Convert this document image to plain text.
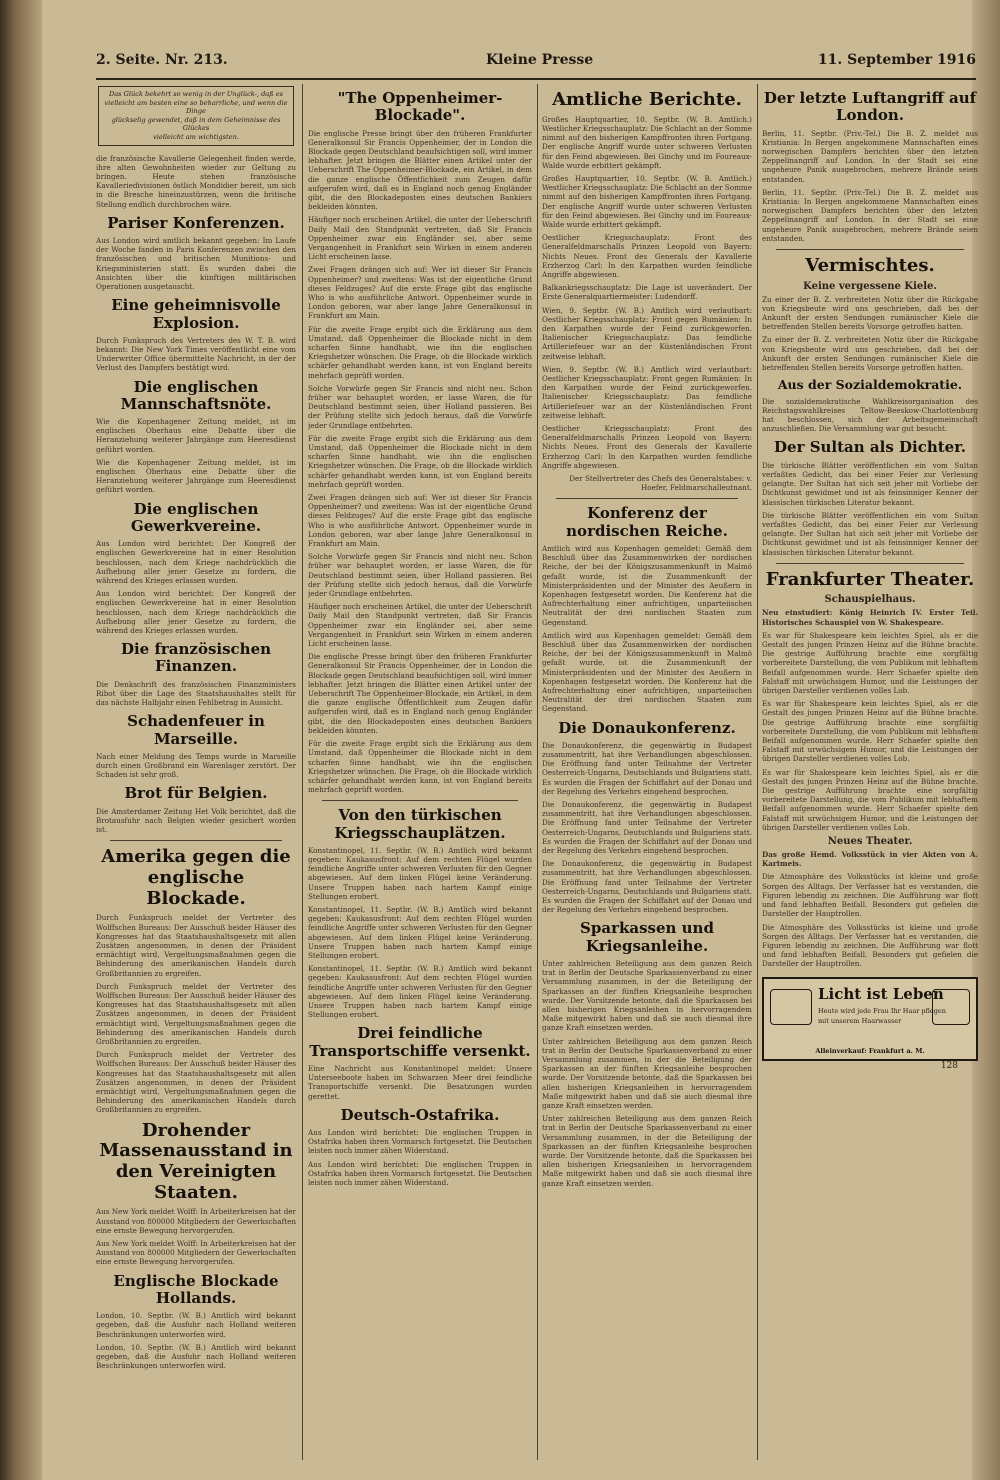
2. Seite. Nr. 213.	Kleine Presse	11. September 1916

Das Glück bekehrt so wenig in der Unglück-, daß es

vielleicht am besten eine so beharrliche, und wenn die Dinge

glückselig gewendet, daß in dem Geheimnisse des Glückes

vielleicht am wichtigsten.

die französische Kavallerie Gelegenheit finden werde, ihre alten Gewohnheiten wieder zur Geltung zu bringen. Heute stehen französische Kavalleriedivisionen östlich Mondidier bereit, um sich in die Bresche hineinzustürzen, wenn die britische Stellung endlich durchbrochen wäre.

Pariser Konferenzen.

Aus London wird amtlich bekannt gegeben: Im Laufe der Woche fanden in Paris Konferenzen zwischen den französischen und britischen Munitions- und Kriegsministerien statt. Es wurden dabei die Ansichten über die künftigen militärischen Operationen ausgetauscht.

Eine geheimnisvolle Explosion.

Durch Funkspruch des Vertreters des W. T. B. wird bekannt: Die New York Times veröffentlicht eine vom Underwriter Office übermittelte Nachricht, in der der Verlust des Dampfers bestätigt wird.

Die englischen Mannschaftsnöte.

Wie die Kopenhagener Zeitung meldet, ist im englischen Oberhaus eine Debatte über die Heranziehung weiterer Jahrgänge zum Heeresdienst geführt worden.

Wie die Kopenhagener Zeitung meldet, ist im englischen Oberhaus eine Debatte über die Heranziehung weiterer Jahrgänge zum Heeresdienst geführt worden.

Die englischen Gewerkvereine.

Aus London wird berichtet: Der Kongreß der englischen Gewerkvereine hat in einer Resolution beschlossen, nach dem Kriege nachdrücklich die Aufhebung aller jener Gesetze zu fordern, die während des Krieges erlassen wurden.

Aus London wird berichtet: Der Kongreß der englischen Gewerkvereine hat in einer Resolution beschlossen, nach dem Kriege nachdrücklich die Aufhebung aller jener Gesetze zu fordern, die während des Krieges erlassen wurden.

Die französischen Finanzen.

Die Denkschrift des französischen Finanzministers Ribot über die Lage des Staatshaushaltes stellt für das nächste Halbjahr einen Fehlbetrag in Aussicht.

Schadenfeuer in Marseille.

Nach einer Meldung des Temps wurde in Marseille durch einen Großbrand ein Warenlager zerstört. Der Schaden ist sehr groß.

Brot für Belgien.

Die Amsterdamer Zeitung Het Volk berichtet, daß die Brotausfuhr nach Belgien wieder gesichert worden ist.

Amerika gegen die englische Blockade.

Durch Funkspruch meldet der Vertreter des Wolffschen Bureaus: Der Ausschuß beider Häuser des Kongresses hat das Staatshaushaltsgesetz mit allen Zusätzen angenommen, in denen der Präsident ermächtigt wird, Vergeltungsmaßnahmen gegen die Behinderung des amerikanischen Handels durch Großbritannien zu ergreifen.

Durch Funkspruch meldet der Vertreter des Wolffschen Bureaus: Der Ausschuß beider Häuser des Kongresses hat das Staatshaushaltsgesetz mit allen Zusätzen angenommen, in denen der Präsident ermächtigt wird, Vergeltungsmaßnahmen gegen die Behinderung des amerikanischen Handels durch Großbritannien zu ergreifen.

Durch Funkspruch meldet der Vertreter des Wolffschen Bureaus: Der Ausschuß beider Häuser des Kongresses hat das Staatshaushaltsgesetz mit allen Zusätzen angenommen, in denen der Präsident ermächtigt wird, Vergeltungsmaßnahmen gegen die Behinderung des amerikanischen Handels durch Großbritannien zu ergreifen.

Drohender Massenausstand in den Vereinigten Staaten.

Aus New York meldet Wolff: In Arbeiterkreisen hat der Ausstand von 800000 Mitgliedern der Gewerkschaften eine ernste Bewegung hervorgerufen.

Aus New York meldet Wolff: In Arbeiterkreisen hat der Ausstand von 800000 Mitgliedern der Gewerkschaften eine ernste Bewegung hervorgerufen.

Englische Blockade Hollands.

London, 10. Septbr. (W. B.) Amtlich wird bekannt gegeben, daß die Ausfuhr nach Holland weiteren Beschränkungen unterworfen wird.

London, 10. Septbr. (W. B.) Amtlich wird bekannt gegeben, daß die Ausfuhr nach Holland weiteren Beschränkungen unterworfen wird.

"The Oppenheimer-Blockade".

Die englische Presse bringt über den früheren Frankfurter Generalkonsul Sir Francis Oppenheimer, der in London die Blockade gegen Deutschland beaufsichtigen soll, wird immer lebhafter. Jetzt bringen die Blätter einen Artikel unter der Ueberschrift The Oppenheimer-Blockade, ein Artikel, in dem die ganze englische Öffentlichkeit zum Zeugen dafür aufgerufen wird, daß es in England noch genug Engländer gibt, die den Blockadeposten eines deutschen Bankiers bekleiden könnten.

Häufiger noch erscheinen Artikel, die unter der Ueberschrift Daily Mail den Standpunkt vertreten, daß Sir Francis Oppenheimer zwar ein Engländer sei, aber seine Vergangenheit in Frankfurt sein Wirken in einem anderen Licht erscheinen lasse.

Zwei Fragen drängen sich auf: Wer ist dieser Sir Francis Oppenheimer? und zweitens: Was ist der eigentliche Grund dieses Feldzuges? Auf die erste Frage gibt das englische Who is who ausführliche Antwort. Oppenheimer wurde in London geboren, war aber lange Jahre Generalkonsul in Frankfurt am Main.

Für die zweite Frage ergibt sich die Erklärung aus dem Umstand, daß Oppenheimer die Blockade nicht in dem scharfen Sinne handhabt, wie ihn die englischen Kriegshetzer wünschen. Die Frage, ob die Blockade wirklich schärfer gehandhabt werden kann, ist von England bereits mehrfach geprüft worden.

Solche Vorwürfe gegen Sir Francis sind nicht neu. Schon früher war behauptet worden, er lasse Waren, die für Deutschland bestimmt seien, über Holland passieren. Bei der Prüfung stellte sich jedoch heraus, daß die Vorwürfe jeder Grundlage entbehrten.

Für die zweite Frage ergibt sich die Erklärung aus dem Umstand, daß Oppenheimer die Blockade nicht in dem scharfen Sinne handhabt, wie ihn die englischen Kriegshetzer wünschen. Die Frage, ob die Blockade wirklich schärfer gehandhabt werden kann, ist von England bereits mehrfach geprüft worden.

Zwei Fragen drängen sich auf: Wer ist dieser Sir Francis Oppenheimer? und zweitens: Was ist der eigentliche Grund dieses Feldzuges? Auf die erste Frage gibt das englische Who is who ausführliche Antwort. Oppenheimer wurde in London geboren, war aber lange Jahre Generalkonsul in Frankfurt am Main.

Solche Vorwürfe gegen Sir Francis sind nicht neu. Schon früher war behauptet worden, er lasse Waren, die für Deutschland bestimmt seien, über Holland passieren. Bei der Prüfung stellte sich jedoch heraus, daß die Vorwürfe jeder Grundlage entbehrten.

Häufiger noch erscheinen Artikel, die unter der Ueberschrift Daily Mail den Standpunkt vertreten, daß Sir Francis Oppenheimer zwar ein Engländer sei, aber seine Vergangenheit in Frankfurt sein Wirken in einem anderen Licht erscheinen lasse.

Die englische Presse bringt über den früheren Frankfurter Generalkonsul Sir Francis Oppenheimer, der in London die Blockade gegen Deutschland beaufsichtigen soll, wird immer lebhafter. Jetzt bringen die Blätter einen Artikel unter der Ueberschrift The Oppenheimer-Blockade, ein Artikel, in dem die ganze englische Öffentlichkeit zum Zeugen dafür aufgerufen wird, daß es in England noch genug Engländer gibt, die den Blockadeposten eines deutschen Bankiers bekleiden könnten.

Für die zweite Frage ergibt sich die Erklärung aus dem Umstand, daß Oppenheimer die Blockade nicht in dem scharfen Sinne handhabt, wie ihn die englischen Kriegshetzer wünschen. Die Frage, ob die Blockade wirklich schärfer gehandhabt werden kann, ist von England bereits mehrfach geprüft worden.

Von den türkischen Kriegsschauplätzen.

Konstantinopel, 11. Septbr. (W. B.) Amtlich wird bekannt gegeben: Kaukasusfront: Auf dem rechten Flügel wurden feindliche Angriffe unter schweren Verlusten für den Gegner abgewiesen. Auf dem linken Flügel keine Veränderung. Unsere Truppen haben nach hartem Kampf einige Stellungen erobert.

Konstantinopel, 11. Septbr. (W. B.) Amtlich wird bekannt gegeben: Kaukasusfront: Auf dem rechten Flügel wurden feindliche Angriffe unter schweren Verlusten für den Gegner abgewiesen. Auf dem linken Flügel keine Veränderung. Unsere Truppen haben nach hartem Kampf einige Stellungen erobert.

Konstantinopel, 11. Septbr. (W. B.) Amtlich wird bekannt gegeben: Kaukasusfront: Auf dem rechten Flügel wurden feindliche Angriffe unter schweren Verlusten für den Gegner abgewiesen. Auf dem linken Flügel keine Veränderung. Unsere Truppen haben nach hartem Kampf einige Stellungen erobert.

Drei feindliche Transportschiffe versenkt.

Eine Nachricht aus Konstantinopel meldet: Unsere Unterseeboote haben im Schwarzen Meer drei feindliche Transportschiffe versenkt. Die Besatzungen wurden gerettet.

Deutsch-Ostafrika.

Aus London wird berichtet: Die englischen Truppen in Ostafrika haben ihren Vormarsch fortgesetzt. Die Deutschen leisten noch immer zähen Widerstand.

Aus London wird berichtet: Die englischen Truppen in Ostafrika haben ihren Vormarsch fortgesetzt. Die Deutschen leisten noch immer zähen Widerstand.

Amtliche Berichte.

Großes Hauptquartier, 10. Septbr. (W. B. Amtlich.) Westlicher Kriegsschauplatz: Die Schlacht an der Somme nimmt auf den bisherigen Kampffronten ihren Fortgang. Der englische Angriff wurde unter schweren Verlusten für den Feind abgewiesen. Bei Ginchy und im Foureaux-Walde wurde erbittert gekämpft.

Großes Hauptquartier, 10. Septbr. (W. B. Amtlich.) Westlicher Kriegsschauplatz: Die Schlacht an der Somme nimmt auf den bisherigen Kampffronten ihren Fortgang. Der englische Angriff wurde unter schweren Verlusten für den Feind abgewiesen. Bei Ginchy und im Foureaux-Walde wurde erbittert gekämpft.

Oestlicher Kriegsschauplatz: Front des Generalfeldmarschalls Prinzen Leopold von Bayern: Nichts Neues. Front des Generals der Kavallerie Erzherzog Carl: In den Karpathen wurden feindliche Angriffe abgewiesen.

Balkankriegsschauplatz: Die Lage ist unverändert. Der Erste Generalquartiermeister: Ludendorff.

Wien, 9. Septbr. (W. B.) Amtlich wird verlautbart: Oestlicher Kriegsschauplatz: Front gegen Rumänien: In den Karpathen wurde der Feind zurückgeworfen. Italienischer Kriegsschauplatz: Das feindliche Artilleriefeuer war an der Küstenländischen Front zeitweise lebhaft.

Wien, 9. Septbr. (W. B.) Amtlich wird verlautbart: Oestlicher Kriegsschauplatz: Front gegen Rumänien: In den Karpathen wurde der Feind zurückgeworfen. Italienischer Kriegsschauplatz: Das feindliche Artilleriefeuer war an der Küstenländischen Front zeitweise lebhaft.

Oestlicher Kriegsschauplatz: Front des Generalfeldmarschalls Prinzen Leopold von Bayern: Nichts Neues. Front des Generals der Kavallerie Erzherzog Carl: In den Karpathen wurden feindliche Angriffe abgewiesen.

Der Stellvertreter des Chefs des Generalstabes: v. Hoefer, Feldmarschalleutnant.

Konferenz der nordischen Reiche.

Amtlich wird aus Kopenhagen gemeldet: Gemäß dem Beschluß über das Zusammenwirken der nordischen Reiche, der bei der Königszusammenkunft in Malmö gefaßt wurde, ist die Zusammenkunft der Ministerpräsidenten und der Minister des Aeußern in Kopenhagen festgesetzt worden. Die Konferenz hat die Aufrechterhaltung einer aufrichtigen, unparteiischen Neutralität der drei nordischen Staaten zum Gegenstand.

Amtlich wird aus Kopenhagen gemeldet: Gemäß dem Beschluß über das Zusammenwirken der nordischen Reiche, der bei der Königszusammenkunft in Malmö gefaßt wurde, ist die Zusammenkunft der Ministerpräsidenten und der Minister des Aeußern in Kopenhagen festgesetzt worden. Die Konferenz hat die Aufrechterhaltung einer aufrichtigen, unparteiischen Neutralität der drei nordischen Staaten zum Gegenstand.

Die Donaukonferenz.

Die Donaukonferenz, die gegenwärtig in Budapest zusammentritt, hat ihre Verhandlungen abgeschlossen. Die Eröffnung fand unter Teilnahme der Vertreter Oesterreich-Ungarns, Deutschlands und Bulgariens statt. Es wurden die Fragen der Schiffahrt auf der Donau und der Regelung des Verkehrs eingehend besprochen.

Die Donaukonferenz, die gegenwärtig in Budapest zusammentritt, hat ihre Verhandlungen abgeschlossen. Die Eröffnung fand unter Teilnahme der Vertreter Oesterreich-Ungarns, Deutschlands und Bulgariens statt. Es wurden die Fragen der Schiffahrt auf der Donau und der Regelung des Verkehrs eingehend besprochen.

Die Donaukonferenz, die gegenwärtig in Budapest zusammentritt, hat ihre Verhandlungen abgeschlossen. Die Eröffnung fand unter Teilnahme der Vertreter Oesterreich-Ungarns, Deutschlands und Bulgariens statt. Es wurden die Fragen der Schiffahrt auf der Donau und der Regelung des Verkehrs eingehend besprochen.

Sparkassen und Kriegsanleihe.

Unter zahlreichen Beteiligung aus dem ganzen Reich trat in Berlin der Deutsche Sparkassenverband zu einer Versammlung zusammen, in der die Beteiligung der Sparkassen an der fünften Kriegsanleihe besprochen wurde. Der Vorsitzende betonte, daß die Sparkassen bei allen bisherigen Kriegsanleihen in hervorragendem Maße mitgewirkt haben und daß sie auch diesmal ihre ganze Kraft einsetzen werden.

Unter zahlreichen Beteiligung aus dem ganzen Reich trat in Berlin der Deutsche Sparkassenverband zu einer Versammlung zusammen, in der die Beteiligung der Sparkassen an der fünften Kriegsanleihe besprochen wurde. Der Vorsitzende betonte, daß die Sparkassen bei allen bisherigen Kriegsanleihen in hervorragendem Maße mitgewirkt haben und daß sie auch diesmal ihre ganze Kraft einsetzen werden.

Unter zahlreichen Beteiligung aus dem ganzen Reich trat in Berlin der Deutsche Sparkassenverband zu einer Versammlung zusammen, in der die Beteiligung der Sparkassen an der fünften Kriegsanleihe besprochen wurde. Der Vorsitzende betonte, daß die Sparkassen bei allen bisherigen Kriegsanleihen in hervorragendem Maße mitgewirkt haben und daß sie auch diesmal ihre ganze Kraft einsetzen werden.

Der letzte Luftangriff auf London.

Berlin, 11. Septbr. (Priv.-Tel.) Die B. Z. meldet aus Kristiania: In Bergen angekommene Mannschaften eines norwegischen Dampfers berichten über den letzten Zeppelinangriff auf London. In der Stadt sei eine ungeheure Panik ausgebrochen, mehrere Brände seien entstanden.

Berlin, 11. Septbr. (Priv.-Tel.) Die B. Z. meldet aus Kristiania: In Bergen angekommene Mannschaften eines norwegischen Dampfers berichten über den letzten Zeppelinangriff auf London. In der Stadt sei eine ungeheure Panik ausgebrochen, mehrere Brände seien entstanden.

Vermischtes.
Keine vergessene Kiele.

Zu einer der B. Z. verbreiteten Notiz über die Rückgabe von Kriegsbeute wird uns geschrieben, daß bei der Ankunft der ersten Sendungen rumänischer Kiele die betreffenden Stellen bereits Vorsorge getroffen hatten.

Zu einer der B. Z. verbreiteten Notiz über die Rückgabe von Kriegsbeute wird uns geschrieben, daß bei der Ankunft der ersten Sendungen rumänischer Kiele die betreffenden Stellen bereits Vorsorge getroffen hatten.

Aus der Sozialdemokratie.

Die sozialdemokratische Wahlkreisorganisation des Reichstagswahlkreises Teltow-Beeskow-Charlottenburg hat beschlossen, sich der Arbeitsgemeinschaft anzuschließen. Die Versammlung war gut besucht.

Der Sultan als Dichter.

Die türkische Blätter veröffentlichen ein vom Sultan verfaßtes Gedicht, das bei einer Feier zur Verlesung gelangte. Der Sultan hat sich seit jeher mit Vorliebe der Dichtkunst gewidmet und ist als feinsinniger Kenner der klassischen türkischen Literatur bekannt.

Die türkische Blätter veröffentlichen ein vom Sultan verfaßtes Gedicht, das bei einer Feier zur Verlesung gelangte. Der Sultan hat sich seit jeher mit Vorliebe der Dichtkunst gewidmet und ist als feinsinniger Kenner der klassischen türkischen Literatur bekannt.

Frankfurter Theater.
Schauspielhaus.

Neu einstudiert: König Heinrich IV. Erster Teil. Historisches Schauspiel von W. Shakespeare.

Es war für Shakespeare kein leichtes Spiel, als er die Gestalt des jungen Prinzen Heinz auf die Bühne brachte. Die gestrige Aufführung brachte eine sorgfältig vorbereitete Darstellung, die vom Publikum mit lebhaftem Beifall aufgenommen wurde. Herr Schaefer spielte den Falstaff mit urwüchsigem Humor, und die Leistungen der übrigen Darsteller verdienen volles Lob.

Es war für Shakespeare kein leichtes Spiel, als er die Gestalt des jungen Prinzen Heinz auf die Bühne brachte. Die gestrige Aufführung brachte eine sorgfältig vorbereitete Darstellung, die vom Publikum mit lebhaftem Beifall aufgenommen wurde. Herr Schaefer spielte den Falstaff mit urwüchsigem Humor, und die Leistungen der übrigen Darsteller verdienen volles Lob.

Es war für Shakespeare kein leichtes Spiel, als er die Gestalt des jungen Prinzen Heinz auf die Bühne brachte. Die gestrige Aufführung brachte eine sorgfältig vorbereitete Darstellung, die vom Publikum mit lebhaftem Beifall aufgenommen wurde. Herr Schaefer spielte den Falstaff mit urwüchsigem Humor, und die Leistungen der übrigen Darsteller verdienen volles Lob.

Neues Theater.

Das große Hemd. Volksstück in vier Akten von A. Kartmeis.

Die Atmosphäre des Volksstücks ist kleine und große Sorgen des Alltags. Der Verfasser hat es verstanden, die Figuren lebendig zu zeichnen. Die Aufführung war flott und fand lebhaften Beifall. Besonders gut gefielen die Darsteller der Hauptrollen.

Die Atmosphäre des Volksstücks ist kleine und große Sorgen des Alltags. Der Verfasser hat es verstanden, die Figuren lebendig zu zeichnen. Die Aufführung war flott und fand lebhaften Beifall. Besonders gut gefielen die Darsteller der Hauptrollen.

Licht ist Leben
Heute wird jede Frau Ihr Haar pflegen
mit unserem Haarwasser
Alleinverkauf: Frankfurt a. M.
128
